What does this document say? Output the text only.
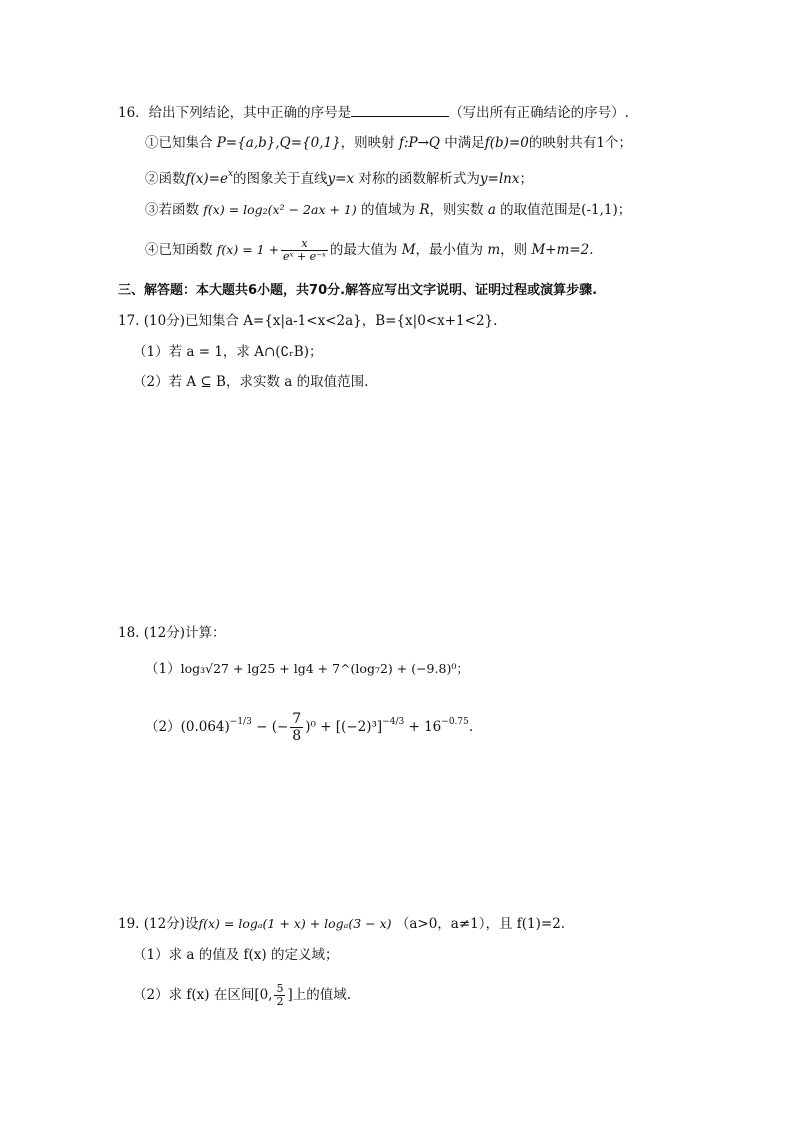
16．给出下列结论，其中正确的序号是	（写出所有正确结论的序号）.
①已知集合 P={a,b},Q={0,1}，则映射 f:P→Q 中满足f(b)=0的映射共有1个；
②函数$f(x)=e^x$的图象关于直线y=x 对称的函数解析式为y=lnx；
③若函数 f(x) = log₂(x² − 2ax + 1) 的值域为 R，则实数 a 的取值范围是(-1,1)；
④已知函数 $f(x) = 1 + \frac{x}{\text{eˣ + e⁻ˣ}}$ 的最大值为 M，最小值为 m，则 M+m=2.
三、解答题：本大题共6小题，共70分.解答应写出文字说明、证明过程或演算步骤.
17. (10分)已知集合 A={x|a-1<x<2a}，B={x|0<x+1<2}.
（1）若 a = 1，求 A∩(∁ᵣB)；
（2）若 A ⊆ B，求实数 a 的取值范围.
18. (12分)计算：
（1）log₃√27 + lg25 + lg4 + 7^(log₇2) + (−9.8)⁰；
$(2)(0.064)^{-1/3}$ − (− $\frac{7}{8} )^0 + [(-2)^3]^{-4/3} + 16^{-0.75}$.
19. (12分)设f(x) = logₐ(1 + x) + logₐ(3 − x) （a>0，a≠1），且 f(1)=2.
（1）求 a 的值及 f(x) 的定义域；
（2）求 f(x) 在区间[0, $\frac{5}{2}$ ]上的值域.
